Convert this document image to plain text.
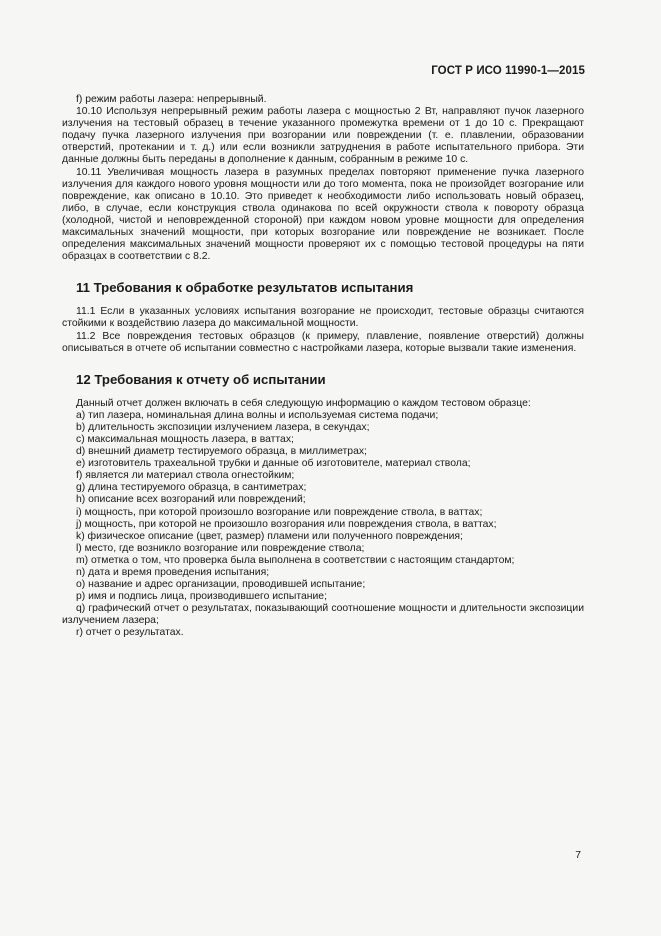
ГОСТ Р ИСО 11990-1—2015

f) режим работы лазера: непрерывный.

10.10 Используя непрерывный режим работы лазера с мощностью 2 Вт, направляют пучок лазерного излучения на тестовый образец в течение указанного промежутка времени от 1 до 10 с. Прекращают подачу пучка лазерного излучения при возгорании или повреждении (т. е. плавлении, образовании отверстий, протекании и т. д.) или если возникли затруднения в работе испытательного прибора. Эти данные должны быть переданы в дополнение к данным, собранным в режиме 10 с.

10.11 Увеличивая мощность лазера в разумных пределах повторяют применение пучка лазерного излучения для каждого нового уровня мощности или до того момента, пока не произойдет возгорание или повреждение, как описано в 10.10. Это приведет к необходимости либо использовать новый образец, либо, в случае, если конструкция ствола одинакова по всей окружности ствола к повороту образца (холодной, чистой и неповрежденной стороной) при каждом новом уровне мощности для определения максимальных значений мощности, при которых возгорание или повреждение не возникает. После определения максимальных значений мощности проверяют их с помощью тестовой процедуры на пяти образцах в соответствии с 8.2.

11 Требования к обработке результатов испытания

11.1 Если в указанных условиях испытания возгорание не происходит, тестовые образцы считаются стойкими к воздействию лазера до максимальной мощности.

11.2 Все повреждения тестовых образцов (к примеру, плавление, появление отверстий) должны описываться в отчете об испытании совместно с настройками лазера, которые вызвали такие изменения.

12 Требования к отчету об испытании

Данный отчет должен включать в себя следующую информацию о каждом тестовом образце:

а) тип лазера, номинальная длина волны и используемая система подачи;

b) длительность экспозиции излучением лазера, в секундах;

c) максимальная мощность лазера, в ваттах;

d) внешний диаметр тестируемого образца, в миллиметрах;

е) изготовитель трахеальной трубки и данные об изготовителе, материал ствола;

f) является ли материал ствола огнестойким;

g) длина тестируемого образца, в сантиметрах;

h) описание всех возгораний или повреждений;

i) мощность, при которой произошло возгорание или повреждение ствола, в ваттах;

j) мощность, при которой не произошло возгорания или повреждения ствола, в ваттах;

k) физическое описание (цвет, размер) пламени или полученного повреждения;

l) место, где возникло возгорание или повреждение ствола;

m) отметка о том, что проверка была выполнена в соответствии с настоящим стандартом;

n) дата и время проведения испытания;

о) название и адрес организации, проводившей испытание;

р) имя и подпись лица, производившего испытание;

q) графический отчет о результатах, показывающий соотношение мощности и длительности экспозиции излучением лазера;

r) отчет о результатах.

7
